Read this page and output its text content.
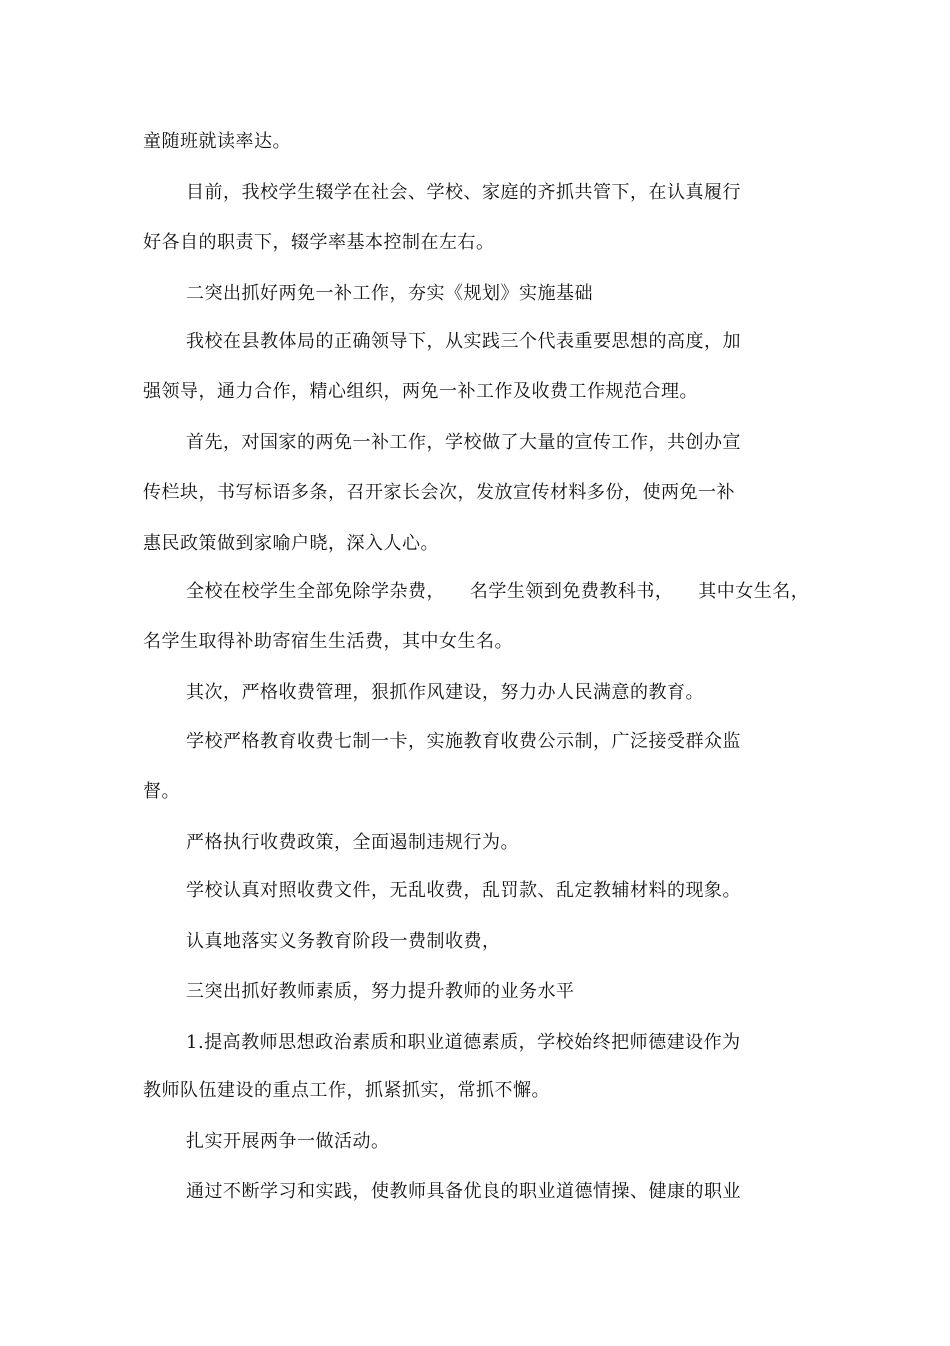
童随班就读率达。
目前，我校学生辍学在社会、学校、家庭的齐抓共管下，在认真履行
好各自的职责下，辍学率基本控制在左右。
二突出抓好两免一补工作，夯实《规划》实施基础
我校在县教体局的正确领导下，从实践三个代表重要思想的高度，加
强领导，通力合作，精心组织，两免一补工作及收费工作规范合理。
首先，对国家的两免一补工作，学校做了大量的宣传工作，共创办宣
传栏块，书写标语多条，召开家长会次，发放宣传材料多份，使两免一补
惠民政策做到家喻户晓，深入人心。
全校在校学生全部免除学杂费，    名学生领到免费教科书，    其中女生名，
名学生取得补助寄宿生生活费，其中女生名。
其次，严格收费管理，狠抓作风建设，努力办人民满意的教育。
学校严格教育收费七制一卡，实施教育收费公示制，广泛接受群众监
督。
严格执行收费政策，全面遏制违规行为。
学校认真对照收费文件，无乱收费，乱罚款、乱定教辅材料的现象。
认真地落实义务教育阶段一费制收费，
三突出抓好教师素质，努力提升教师的业务水平
1.提高教师思想政治素质和职业道德素质，学校始终把师德建设作为
教师队伍建设的重点工作，抓紧抓实，常抓不懈。
扎实开展两争一做活动。
通过不断学习和实践，使教师具备优良的职业道德情操、健康的职业
